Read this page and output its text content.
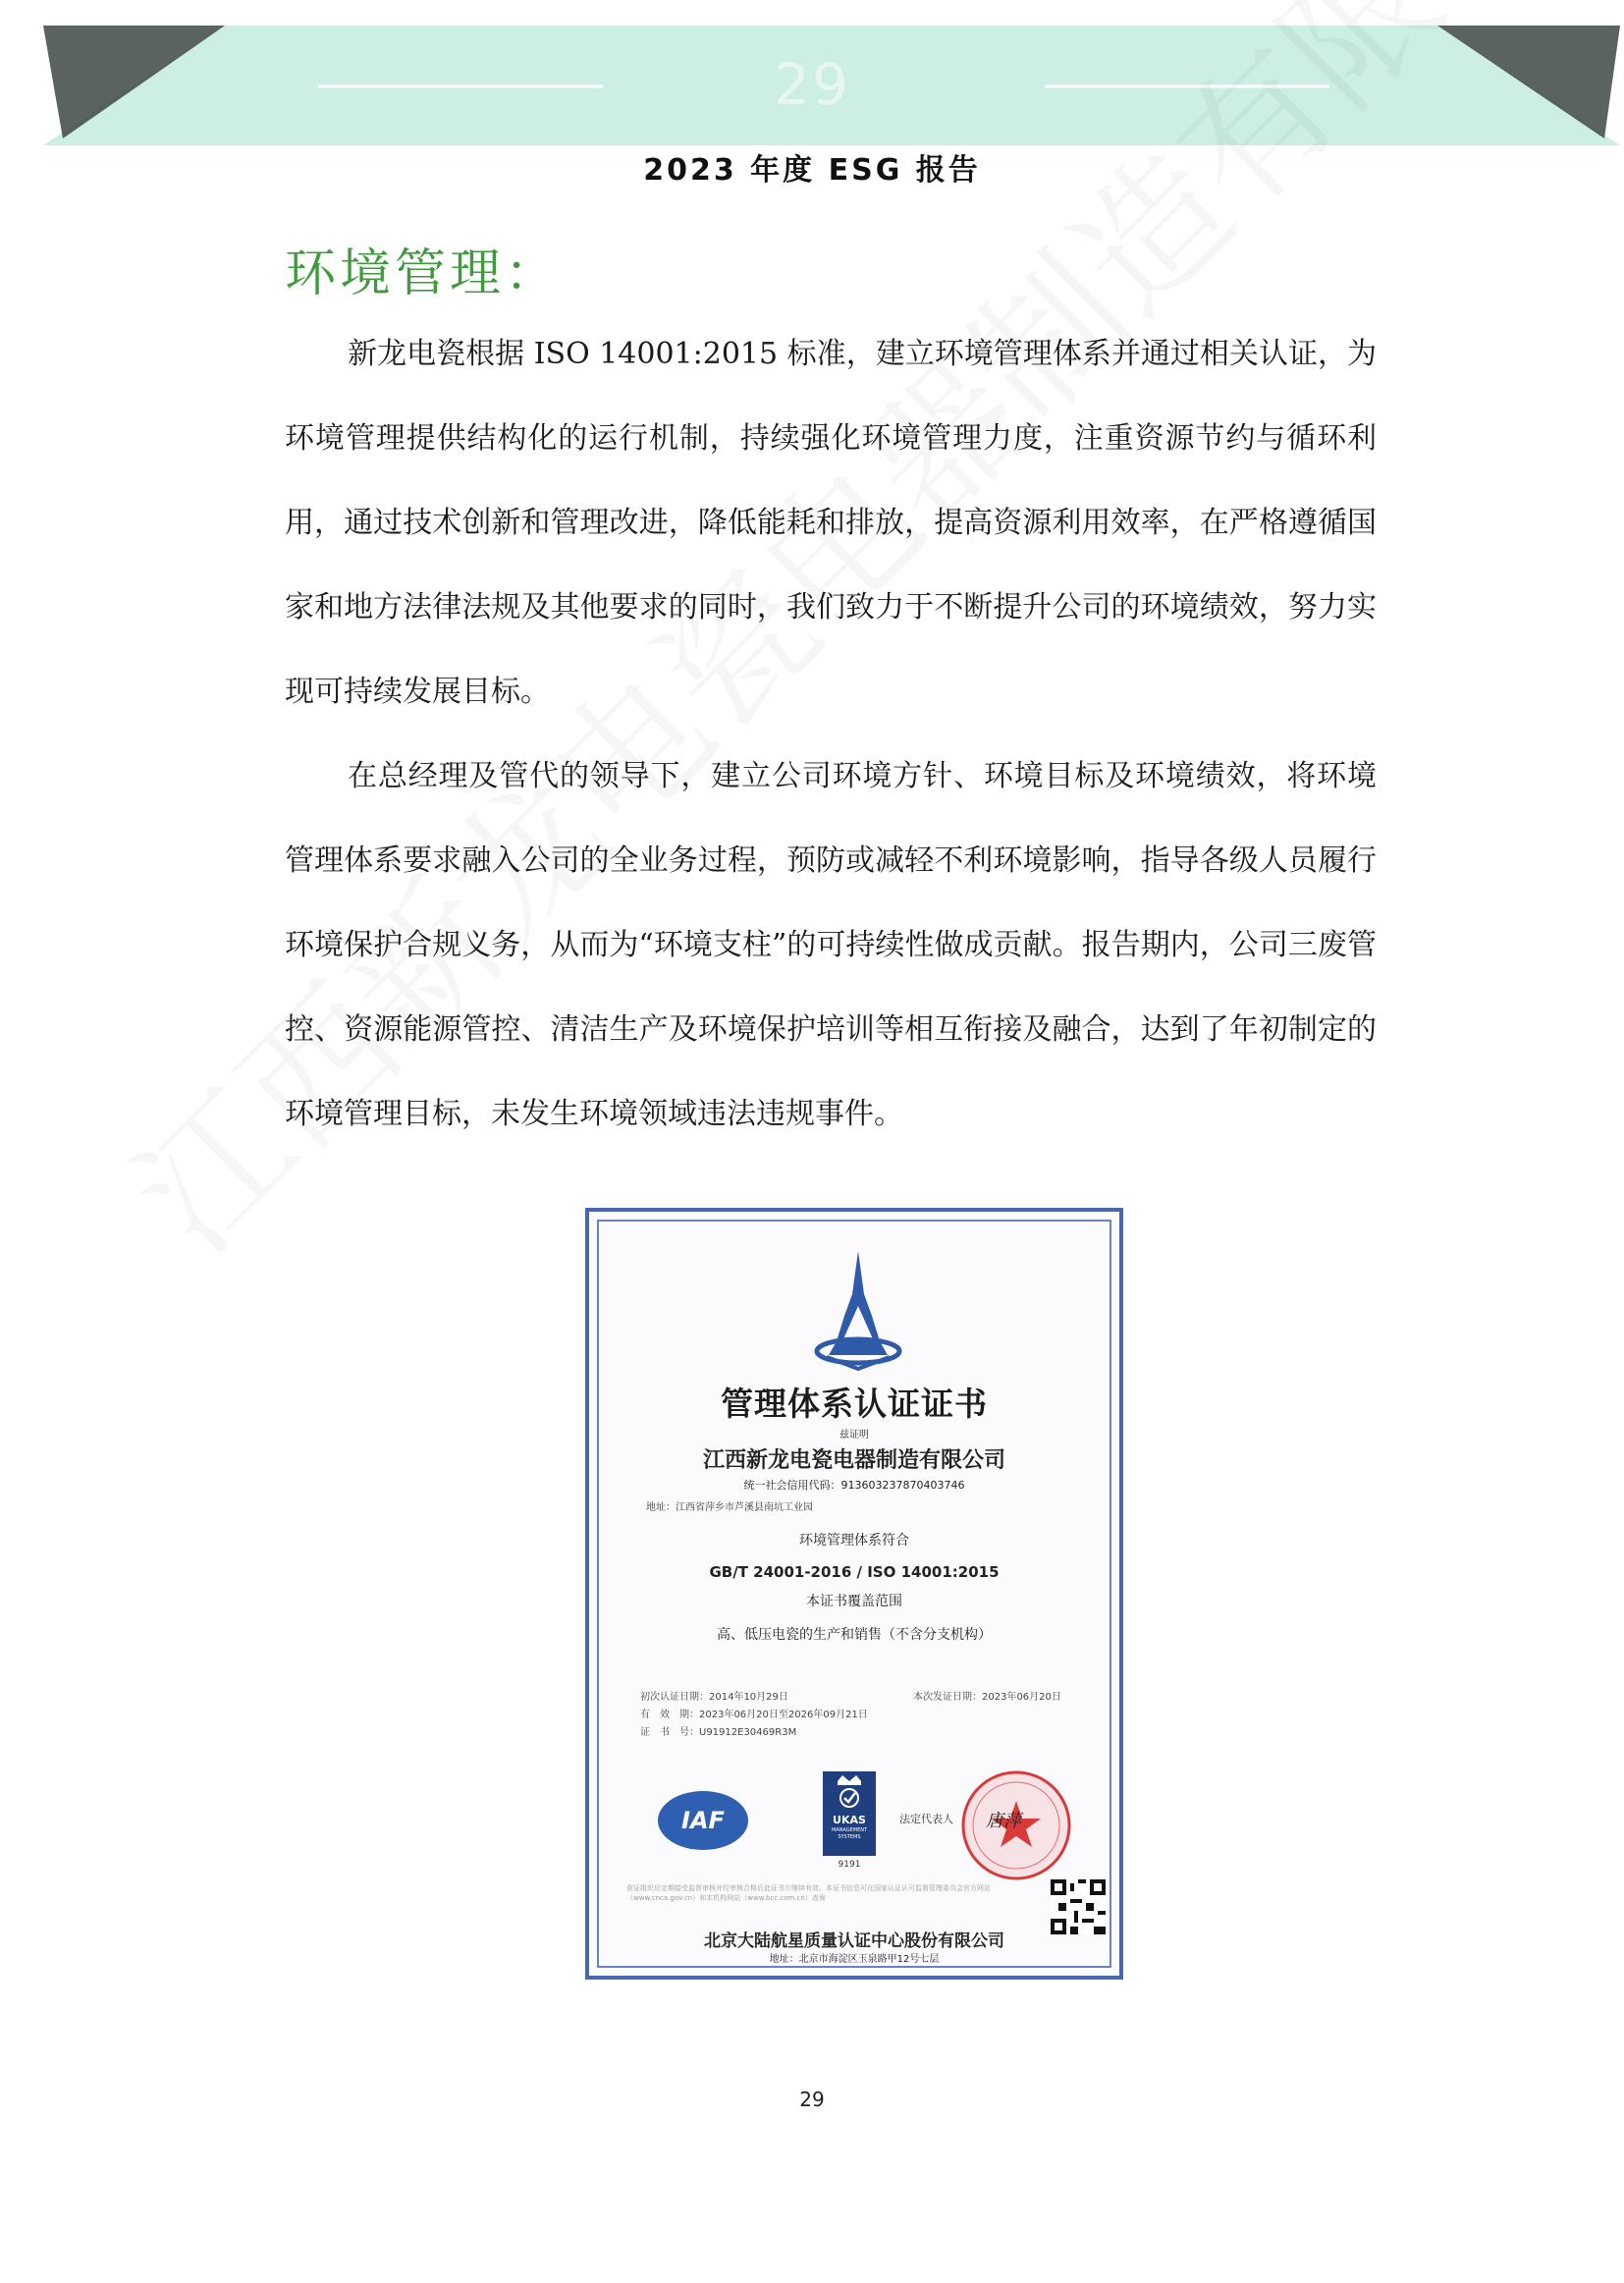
29
2023 年度 ESG 报告
环境管理：

新龙电瓷根据 ISO 14001:2015 标准，建立环境管理体系并通过相关认证，为环境管理提供结构化的运行机制，持续强化环境管理力度，注重资源节约与循环利用，通过技术创新和管理改进，降低能耗和排放，提高资源利用效率，在严格遵循国家和地方法律法规及其他要求的同时，我们致力于不断提升公司的环境绩效，努力实现可持续发展目标。

在总经理及管代的领导下，建立公司环境方针、环境目标及环境绩效，将环境管理体系要求融入公司的全业务过程，预防或减轻不利环境影响，指导各级人员履行环境保护合规义务，从而为“环境支柱”的可持续性做成贡献。报告期内，公司三废管控、资源能源管控、清洁生产及环境保护培训等相互衔接及融合，达到了年初制定的环境管理目标，未发生环境领域违法违规事件。

管理体系认证证书
兹证明
江西新龙电瓷电器制造有限公司
统一社会信用代码：913603237870403746
地址：江西省萍乡市芦溪县南坑工业园
环境管理体系符合
GB/T 24001-2016 / ISO 14001:2015
本证书覆盖范围
高、低压电瓷的生产和销售（不含分支机构）
初次认证日期：2014年10月29日	本次发证日期：2023年06月20日
有　效　期：2023年06月20日至2026年09月21日
证　书　号：U91912E30469R3M
IAF	UKAS
MANAGEMENT SYSTEMS
9191
法定代表人 唐萍
获证组织应定期接受监督审核并经审核合格后此证书方继续有效。本证书信息可在国家认证认可监督管理委员会官方网站（www.cnca.gov.cn）和本机构网站（www.bcc.com.cn）查询
北京大陆航星质量认证中心股份有限公司
地址：北京市海淀区玉泉路甲12号七层
29
